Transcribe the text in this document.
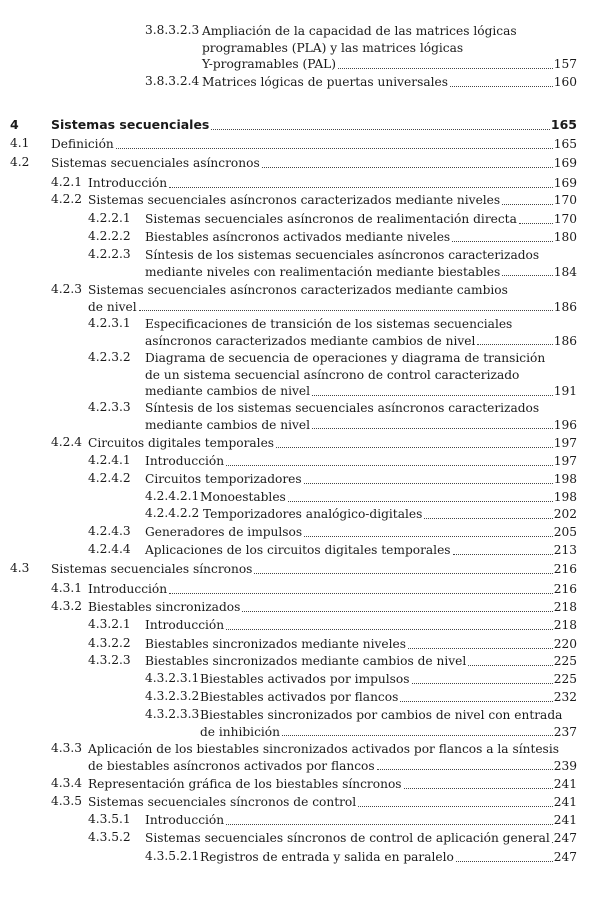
3.8.3.2.3 Ampliación de la capacidad de las matrices lógicas
programables (PLA) y las matrices lógicas
Y-programables (PAL)	157
3.8.3.2.4 Matrices lógicas de puertas universales	160
4	Sistemas secuenciales	165
4.1 Definición	165
4.2 Sistemas secuenciales asíncronos	169
4.2.1 Introducción	169
4.2.2 Sistemas secuenciales asíncronos caracterizados mediante niveles	170
4.2.2.1 Sistemas secuenciales asíncronos de realimentación directa	170
4.2.2.2 Biestables asíncronos activados mediante niveles	180
4.2.2.3 Síntesis de los sistemas secuenciales asíncronos caracterizados
mediante niveles con realimentación mediante biestables	184
4.2.3 Sistemas secuenciales asíncronos caracterizados mediante cambios
de nivel	186
4.2.3.1 Especificaciones de transición de los sistemas secuenciales
asíncronos caracterizados mediante cambios de nivel	186
4.2.3.2 Diagrama de secuencia de operaciones y diagrama de transición
de un sistema secuencial asíncrono de control caracterizado
mediante cambios de nivel	191
4.2.3.3 Síntesis de los sistemas secuenciales asíncronos caracterizados
mediante cambios de nivel	196
4.2.4 Circuitos digitales temporales	197
4.2.4.1 Introducción	197
4.2.4.2 Circuitos temporizadores	198
4.2.4.2.1 Monoestables	198
4.2.4.2.2 Temporizadores analógico-digitales	202
4.2.4.3 Generadores de impulsos	205
4.2.4.4 Aplicaciones de los circuitos digitales temporales	213
4.3 Sistemas secuenciales síncronos	216
4.3.1 Introducción	216
4.3.2 Biestables sincronizados	218
4.3.2.1 Introducción	218
4.3.2.2 Biestables sincronizados mediante niveles	220
4.3.2.3 Biestables sincronizados mediante cambios de nivel	225
4.3.2.3.1 Biestables activados por impulsos	225
4.3.2.3.2 Biestables activados por flancos	232
4.3.2.3.3 Biestables sincronizados por cambios de nivel con entrada
de inhibición	237
4.3.3 Aplicación de los biestables sincronizados activados por flancos a la síntesis
de biestables asíncronos activados por flancos	239
4.3.4 Representación gráfica de los biestables síncronos	241
4.3.5 Sistemas secuenciales síncronos de control	241
4.3.5.1 Introducción	241
4.3.5.2 Sistemas secuenciales síncronos de control de aplicación general 247
4.3.5.2.1 Registros de entrada y salida en paralelo	247
